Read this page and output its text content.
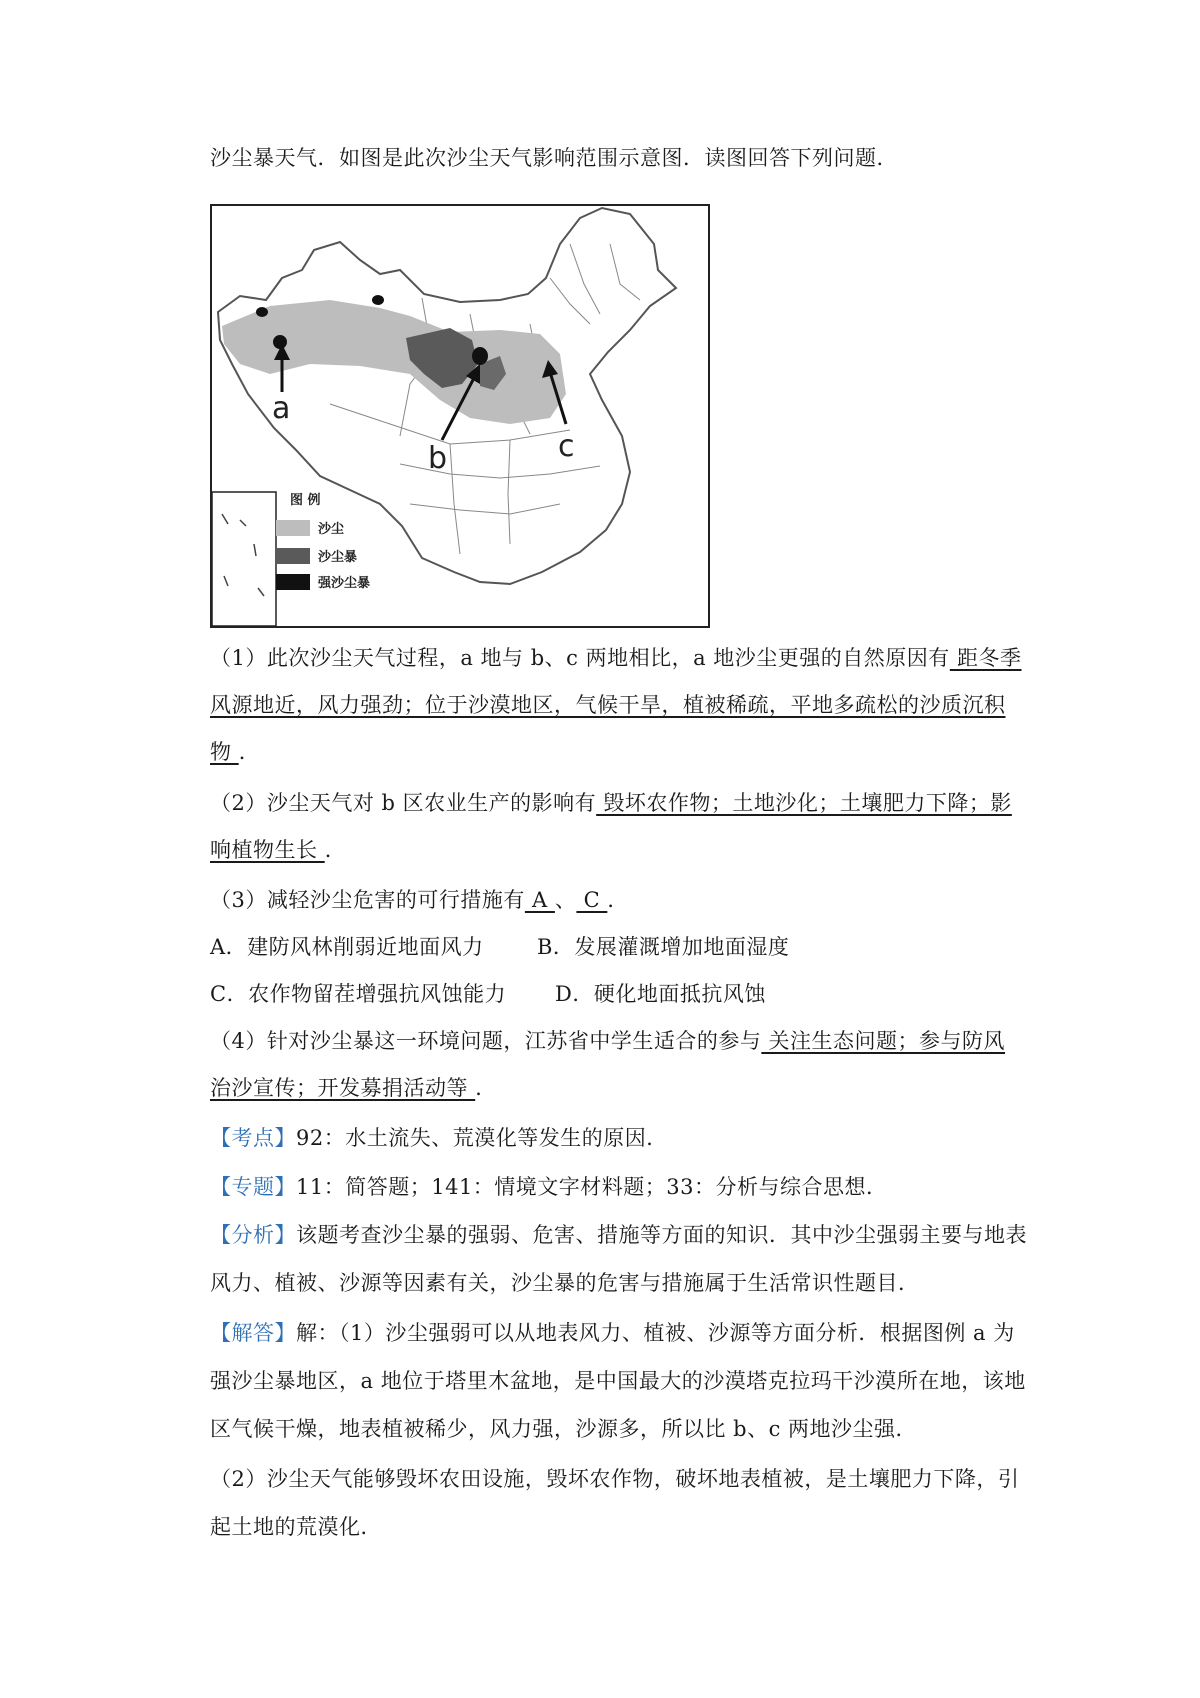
沙尘暴天气．如图是此次沙尘天气影响范围示意图．读图回答下列问题．
a
b	c
图 例
沙尘
沙尘暴
强沙尘暴
（1）此次沙尘天气过程，a 地与 b、c 两地相比，a 地沙尘更强的自然原因有 距冬季
风源地近，风力强劲；位于沙漠地区，气候干旱，植被稀疏，平地多疏松的沙质沉积
物 ．
（2）沙尘天气对 b 区农业生产的影响有 毁坏农作物；土地沙化；土壤肥力下降；影
响植物生长 ．
（3）减轻沙尘危害的可行措施有 A 、 C ．
A．建防风林削弱近地面风力	B．发展灌溉增加地面湿度
C．农作物留茬增强抗风蚀能力 D．硬化地面抵抗风蚀
（4）针对沙尘暴这一环境问题，江苏省中学生适合的参与 关注生态问题；参与防风
治沙宣传；开发募捐活动等 ．
【考点】92：水土流失、荒漠化等发生的原因．
【专题】11：简答题；141：情境文字材料题；33：分析与综合思想．
【分析】该题考查沙尘暴的强弱、危害、措施等方面的知识．其中沙尘强弱主要与地表
风力、植被、沙源等因素有关，沙尘暴的危害与措施属于生活常识性题目．
【解答】解：（1）沙尘强弱可以从地表风力、植被、沙源等方面分析．根据图例 a 为
强沙尘暴地区，a 地位于塔里木盆地，是中国最大的沙漠塔克拉玛干沙漠所在地，该地
区气候干燥，地表植被稀少，风力强，沙源多，所以比 b、c 两地沙尘强．
（2）沙尘天气能够毁坏农田设施，毁坏农作物，破坏地表植被，是土壤肥力下降，引
起土地的荒漠化．
